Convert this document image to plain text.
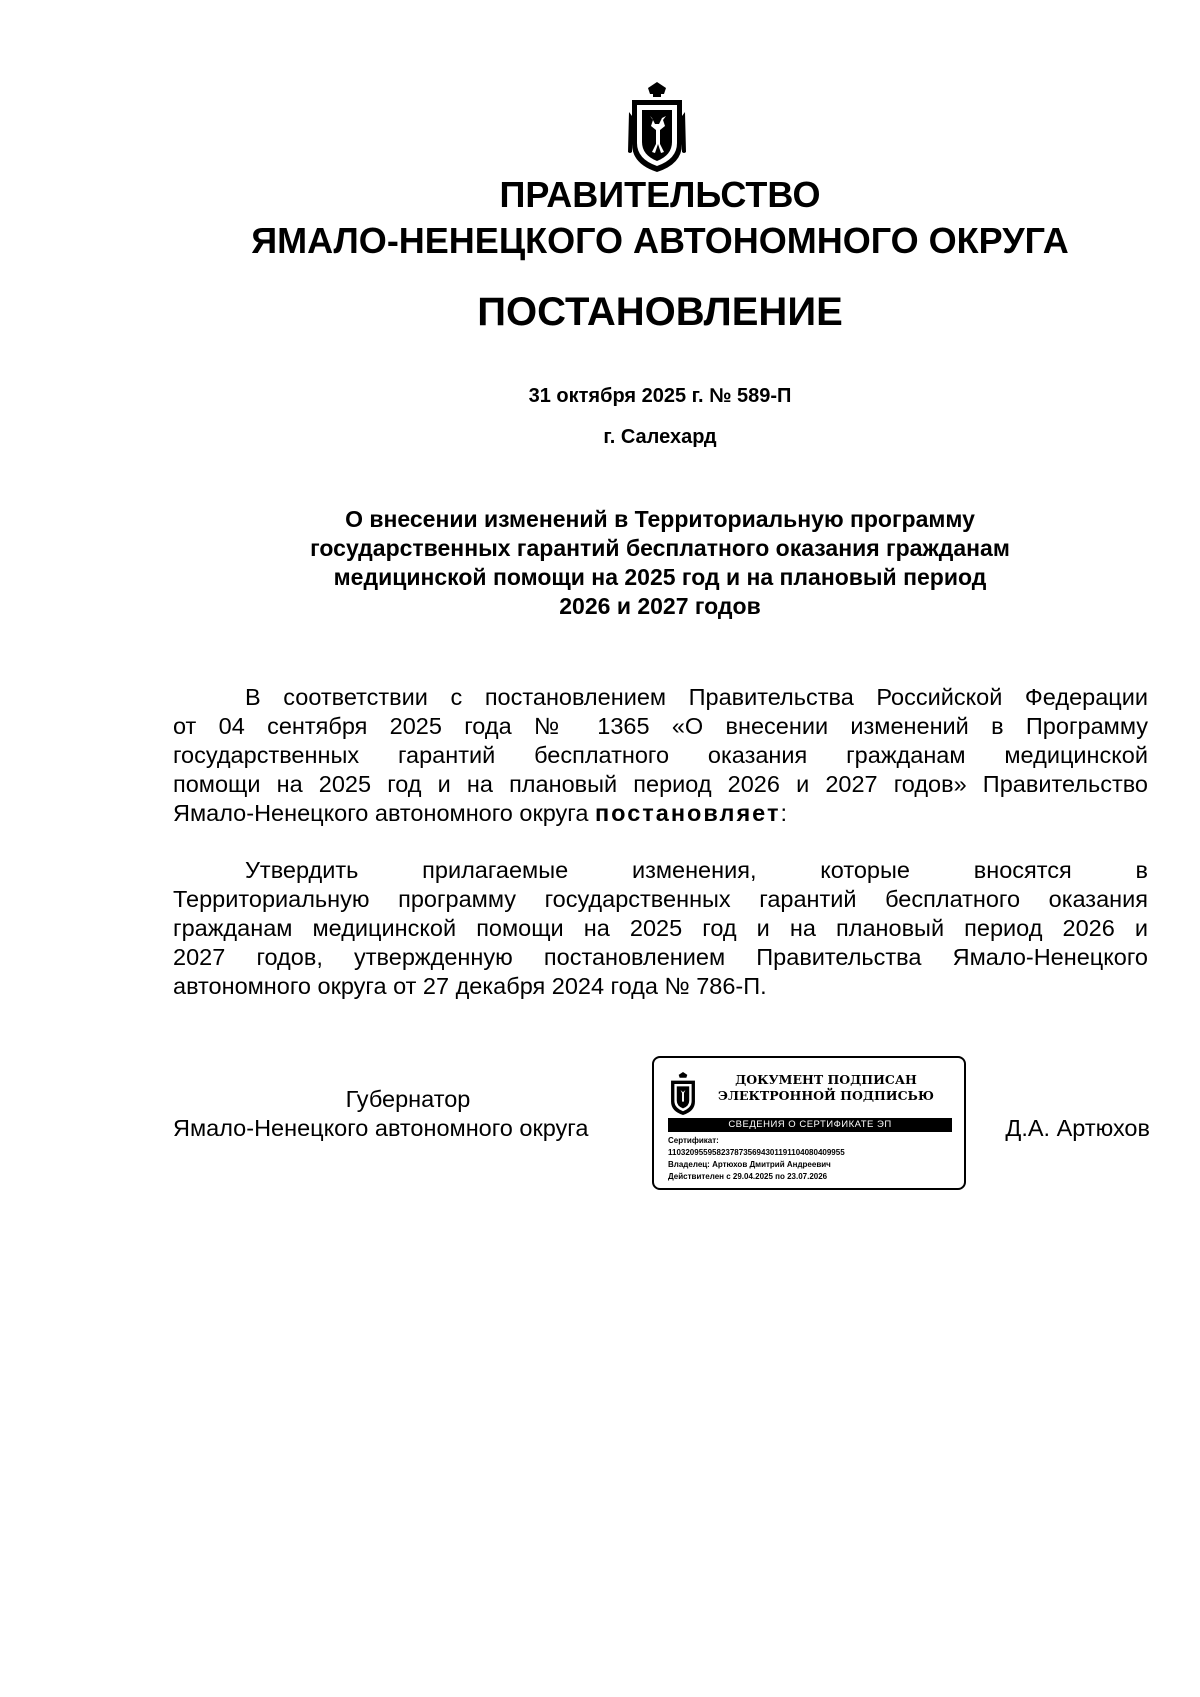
ПРАВИТЕЛЬСТВО
ЯМАЛО-НЕНЕЦКОГО АВТОНОМНОГО ОКРУГА
ПОСТАНОВЛЕНИЕ
31 октября 2025 г. № 589-П
г. Салехард
О внесении изменений в Территориальную программу
государственных гарантий бесплатного оказания гражданам
медицинской помощи на 2025 год и на плановый период
2026 и 2027 годов
В соответствии с постановлением Правительства Российской Федерации
от 04 сентября 2025 года № 1365 «О внесении изменений в Программу
государственных гарантий бесплатного оказания гражданам медицинской
помощи на 2025 год и на плановый период 2026 и 2027 годов» Правительство
Ямало-Ненецкого автономного округа постановляет:
Утвердить прилагаемые изменения, которые вносятся в
Территориальную программу государственных гарантий бесплатного оказания
гражданам медицинской помощи на 2025 год и на плановый период 2026 и
2027 годов, утвержденную постановлением Правительства Ямало-Ненецкого
автономного округа от 27 декабря 2024 года № 786-П.
Губернатор
Ямало-Ненецкого автономного округа
ДОКУМЕНТ ПОДПИСАН
ЭЛЕКТРОННОЙ ПОДПИСЬЮ
СВЕДЕНИЯ О СЕРТИФИКАТЕ ЭП
Сертификат:
1103209559582378735694301191104080409955
Владелец: Артюхов Дмитрий Андреевич
Действителен с 29.04.2025 по 23.07.2026
Д.А. Артюхов
